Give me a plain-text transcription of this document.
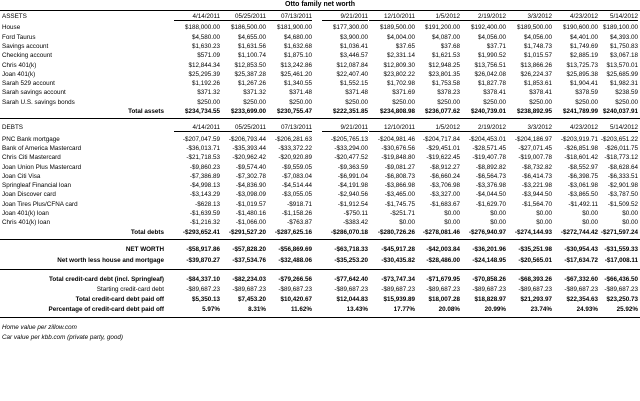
Otto family net worth
ASSETS	4/14/2011	05/25/2011	07/13/2011	9/21/2011	12/10/2011	1/5/2012	2/19/2012	3/3/2012	4/23/2012	5/14/2012
House	$188,000.00	$186,500.00	$181,900.00	$177,300.00	$189,500.00	$191,200.00	$192,400.00	$189,500.00	$190,600.00 $189,100.00
Ford Taurus	$4,580.00	$4,655.00	$4,680.00	$3,900.00	$4,004.00	$4,087.00	$4,056.00	$4,056.00	$4,401.00	$4,393.00
Savings account	$1,630.23	$1,631.56	$1,632.68	$1,036.41	$37.65	$37.68	$37.71	$1,748.73	$1,749.69	$1,750.83
Checking account	$571.09	$1,100.74	$1,875.10	$3,446.57	$2,331.14	$1,621.53	$1,990.52	$1,015.57	$2,885.19	$3,067.18
Chris 401(k)	$12,844.34	$12,853.50	$13,242.86	$12,087.84	$12,809.30	$12,948.25	$13,756.51	$13,866.26	$13,725.73	$13,570.01
Joan 401(k)	$25,295.39	$25,387.28	$25,461.20	$22,407.40	$23,802.22	$23,801.35	$26,042.08	$26,224.37	$25,895.38	$25,685.99
Sarah 529 account	$1,192.26	$1,267.26	$1,340.55	$1,552.15	$1,702.98	$1,753.58	$1,827.78	$1,853.61	$1,904.41	$1,982.31
Sarah savings account	$371.32	$371.32	$371.48	$371.48	$371.69	$378.23	$378.41	$378.41	$378.59	$238.59
Sarah U.S. savings bonds	$250.00	$250.00	$250.00	$250.00	$250.00	$250.00	$250.00	$250.00	$250.00	$250.00
Total assets	$234,734.55	$233,699.00	$230,755.47	$222,351.85	$234,808.98	$236,077.62	$240,739.01	$238,892.95	$241,789.99 $240,037.91
DEBTS	4/14/2011	05/25/2011	07/13/2011	9/21/2011	12/10/2011	1/5/2012	2/19/2012	3/3/2012	4/23/2012	5/14/2012
PNC Bank mortgage	-$207,047.59	-$206,793.44	-$206,281.63	-$205,765.13	-$204,981.46	-$204,717.84	-$204,453.01	-$204,186.97	-$203,919.71 -$203,651.22
Bank of America Mastercard	-$36,013.71	-$35,393.44	-$33,372.22	-$33,294.00	-$30,676.56	-$29,451.01	-$28,571.45	-$27,071.45	-$26,851.98	-$26,011.75
Chris Citi Mastercard	-$21,718.53	-$20,962.42	-$20,920.89	-$20,477.52	-$19,848.80	-$19,622.45	-$19,407.78	-$19,007.78	-$18,601.42	-$18,773.12
Joan Union Plus Mastercard	-$9,860.23	-$9,574.40	-$9,559.05	-$9,363.59	-$9,081.27	-$8,912.27	-$8,892.82	-$8,732.82	-$8,552.97	-$8,628.64
Joan Citi Visa	-$7,386.89	-$7,302.78	-$7,083.04	-$6,991.04	-$6,808.73	-$6,660.24	-$6,564.73	-$6,414.73	-$6,398.75	-$6,333.51
Springleaf Financial loan	-$4,998.13	-$4,836.90	-$4,514.44	-$4,191.98	-$3,866.98	-$3,706.98	-$3,376.98	-$3,221.98	-$3,061.98	-$2,901.98
Joan Discover card	-$3,143.29	-$3,098.09	-$3,055.05	-$2,940.56	-$3,465.00	-$3,327.00	-$4,044.50	-$3,944.50	-$3,865.50	-$3,787.50
Joan Tires Plus/CFNA card	-$628.13	-$1,019.57	-$918.71	-$1,912.54	-$1,745.75	-$1,683.67	-$1,629.70	-$1,564.70	-$1,492.11	-$1,509.52
Joan 401(k) loan	-$1,639.59	-$1,480.16	-$1,158.26	-$750.11	-$251.71	$0.00	$0.00	$0.00	$0.00	$0.00
Chris 401(k) loan	-$1,216.32	-$1,066.00	-$763.87	-$383.42	$0.00	$0.00	$0.00	$0.00	$0.00	$0.00
Total debts	-$293,652.41	-$291,527.20	-$287,625.16	-$286,070.18	-$280,726.26	-$278,081.46	-$276,940.97	-$274,144.93	-$272,744.42 -$271,597.24
NET WORTH	-$58,917.86	-$57,828.20	-$56,869.69	-$63,718.33	-$45,917.28	-$42,003.84	-$36,201.96	-$35,251.98	-$30,954.43	-$31,559.33
Net worth less house and mortgage	-$39,870.27	-$37,534.76	-$32,488.06	-$35,253.20	-$30,435.82	-$28,486.00	-$24,148.95	-$20,565.01	-$17,634.72	-$17,008.11
Total credit-card debt (incl. Springleaf)	-$84,337.10	-$82,234.03	-$79,266.56	-$77,642.40	-$73,747.34	-$71,679.95	-$70,858.26	-$68,393.26	-$67,332.60	-$66,436.50
Starting credit-card debt	-$89,687.23	-$89,687.23	-$89,687.23	-$89,687.23	-$89,687.23	-$89,687.23	-$89,687.23	-$89,687.23	-$89,687.23	-$89,687.23
Total credit-card debt paid off	$5,350.13	$7,453.20	$10,420.67	$12,044.83	$15,939.89	$18,007.28	$18,828.97	$21,293.97	$22,354.63	$23,250.73
Percentage of credit-card debt paid off	5.97%	8.31%	11.62%	13.43%	17.77%	20.08%	20.99%	23.74%	24.93%	25.92%
Home value per zillow.com
Car value per kbb.com (private party, good)
